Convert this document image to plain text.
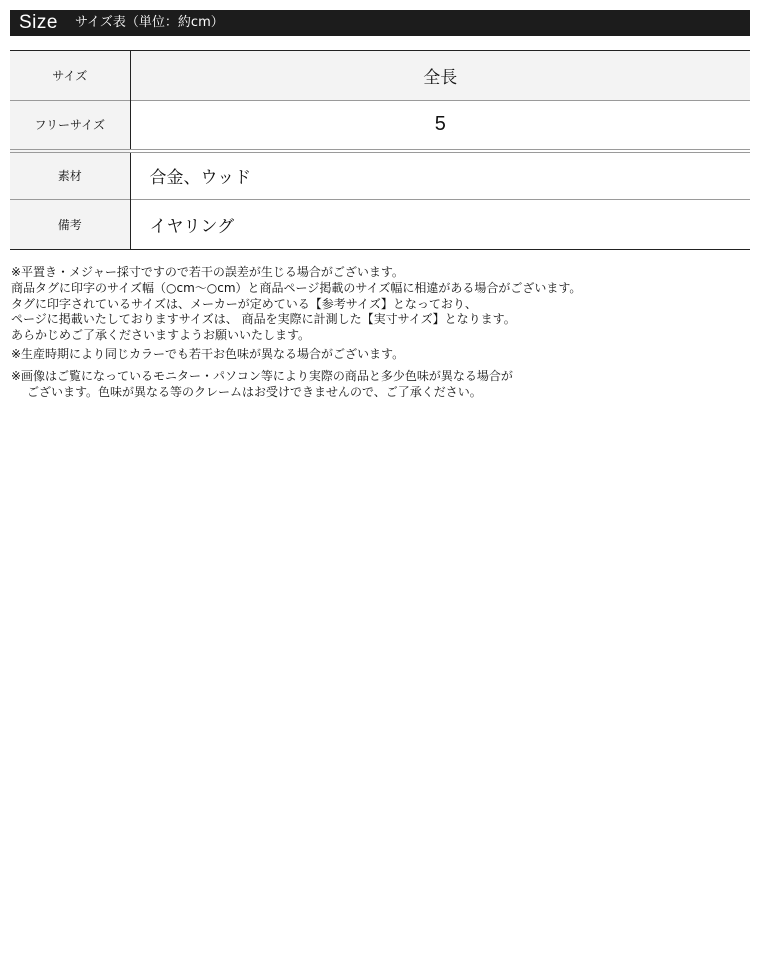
Size サイズ表（単位：約cm）
サイズ	全長
フリーサイズ	5
素材	合金、ウッド
備考	イヤリング
※平置き・メジャー採寸ですので若干の誤差が生じる場合がございます。
商品タグに印字のサイズ幅（○cm～○cm）と商品ページ掲載のサイズ幅に相違がある場合がございます。
タグに印字されているサイズは、メーカーが定めている【参考サイズ】となっており、
ページに掲載いたしておりますサイズは、 商品を実際に計測した【実寸サイズ】となります。
あらかじめご了承くださいますようお願いいたします。
※生産時期により同じカラーでも若干お色味が異なる場合がございます。
※画像はご覧になっているモニター・パソコン等により実際の商品と多少色味が異なる場合が
ございます。色味が異なる等のクレームはお受けできませんので、ご了承ください。
